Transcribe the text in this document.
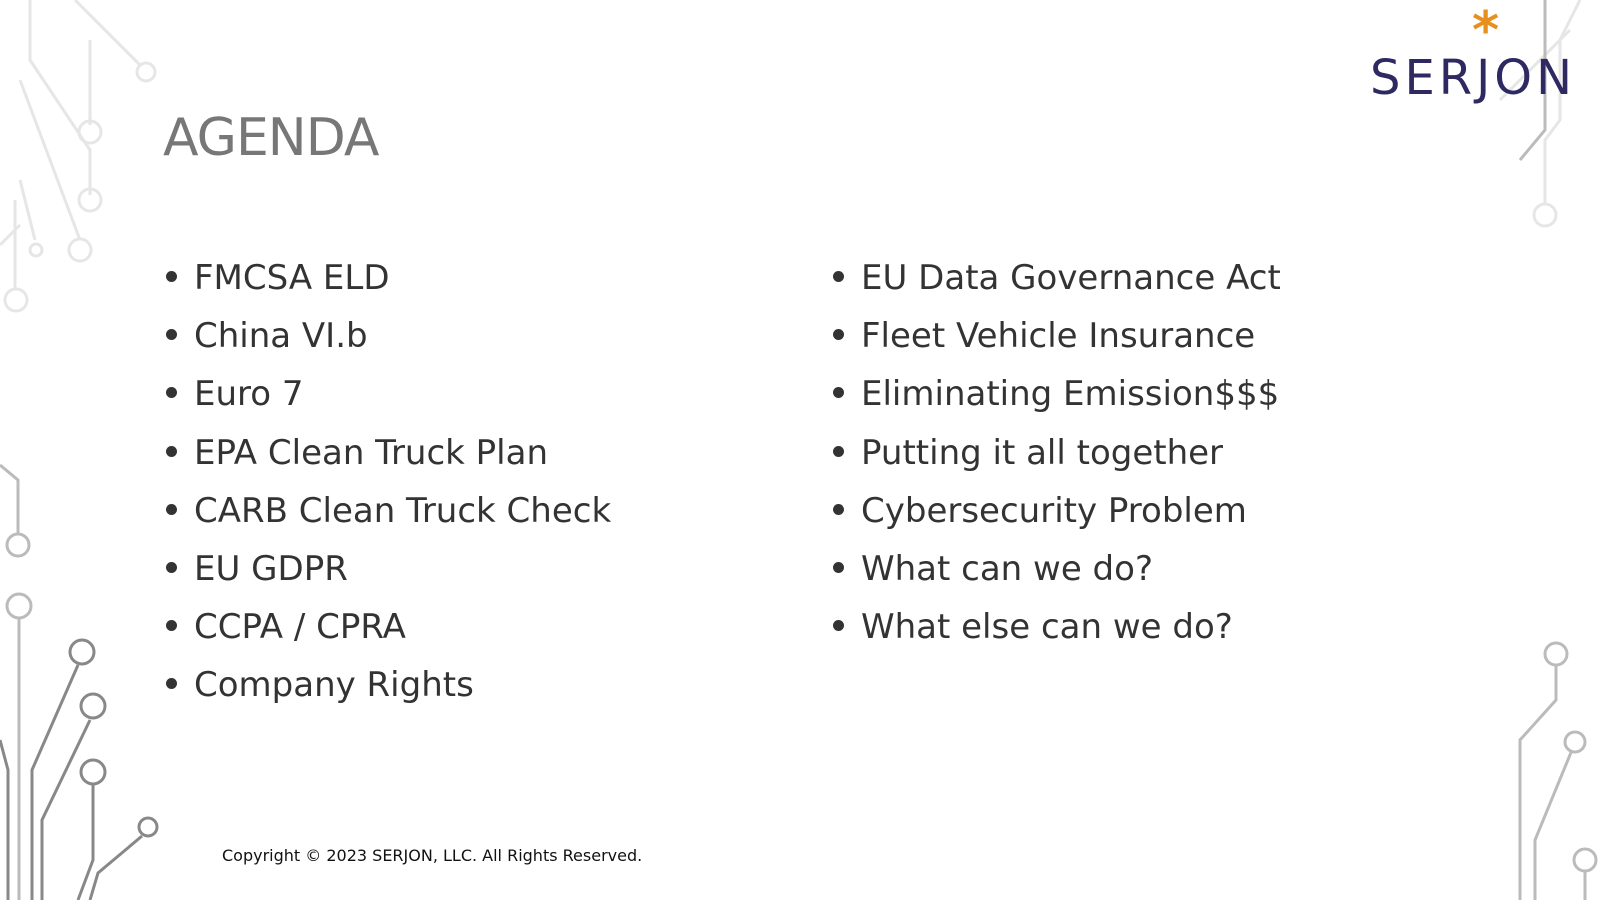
*
SERJON
AGENDA
FMCSA ELD
China VI.b
Euro 7
EPA Clean Truck Plan
CARB Clean Truck Check
EU GDPR
CCPA / CPRA
Company Rights
EU Data Governance Act
Fleet Vehicle Insurance
Eliminating Emission$$$
Putting it all together
Cybersecurity Problem
What can we do?
What else can we do?
Copyright © 2023 SERJON, LLC. All Rights Reserved.
